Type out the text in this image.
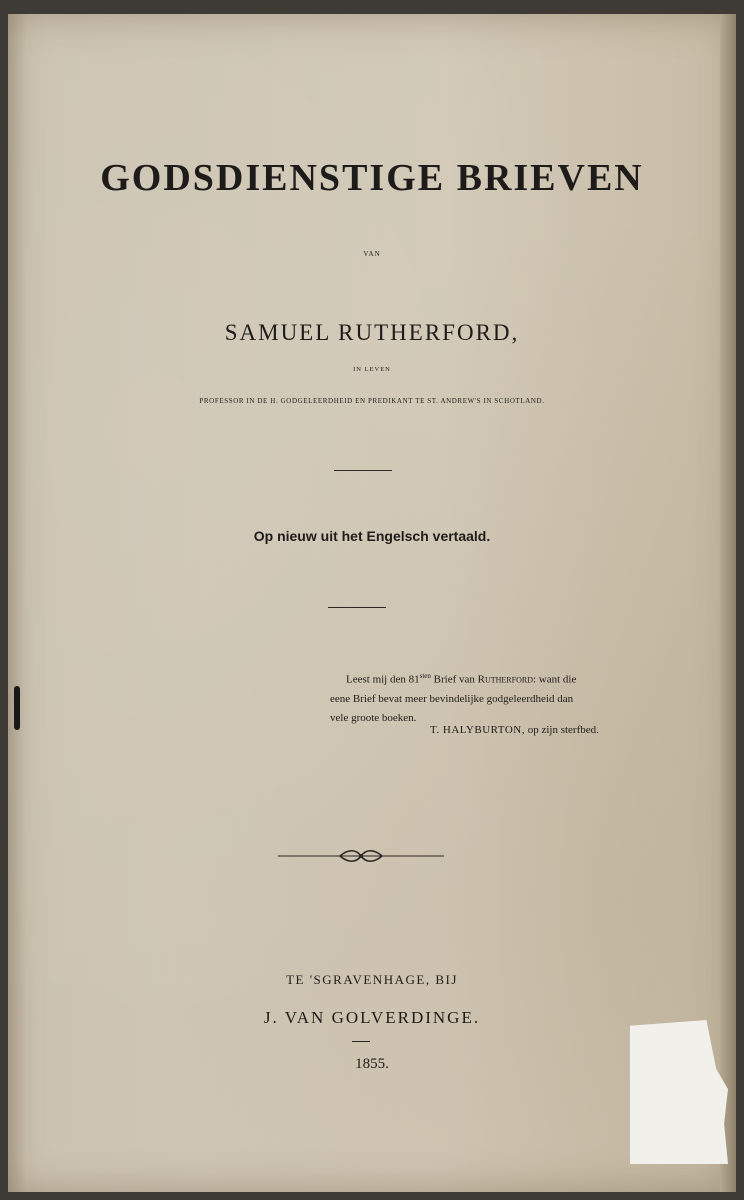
GODSDIENSTIGE BRIEVEN
VAN
SAMUEL RUTHERFORD,
IN LEVEN
PROFESSOR IN DE H. GODGELEERDHEID EN PREDIKANT TE ST. ANDREW'S IN SCHOTLAND.
Op nieuw uit het Engelsch vertaald.
Leest mij den $81^{sten}$ Brief van Rutherford: want die
eene Brief bevat meer bevindelijke godgeleerdheid dan
vele groote boeken.
T. HALYBURTON, op zijn sterfbed.
TE 'SGRAVENHAGE, BIJ
J. VAN GOLVERDINGE.
1855.
